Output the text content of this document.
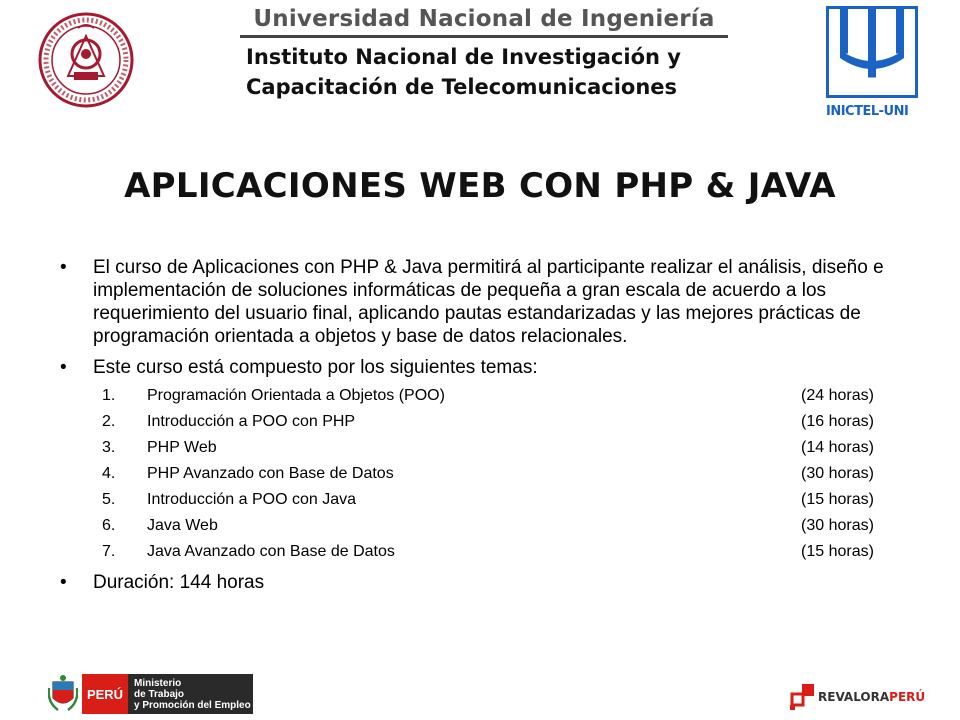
Universidad Nacional de Ingeniería
Instituto Nacional de Investigación y
Capacitación de Telecomunicaciones
INICTEL-UNI
APLICACIONES WEB CON PHP & JAVA
• El curso de Aplicaciones con PHP & Java permitirá al participante realizar el análisis, diseño e implementación de soluciones informáticas de pequeña a gran escala de acuerdo a los requerimiento del usuario final, aplicando pautas estandarizadas y las mejores prácticas de programación orientada a objetos y base de datos relacionales.
• Este curso está compuesto por los siguientes temas:
1. Programación Orientada a Objetos (POO)	(24 horas)
2. Introducción a POO con PHP	(16 horas)
3. PHP Web	(14 horas)
4. PHP Avanzado con Base de Datos	(30 horas)
5. Introducción a POO con Java	(15 horas)
6. Java Web	(30 horas)
7. Java Avanzado con Base de Datos	(15 horas)
• Duración: 144 horas
PERÚ
Ministerio
de Trabajo
y Promoción del Empleo
REVALORAPERÚ
